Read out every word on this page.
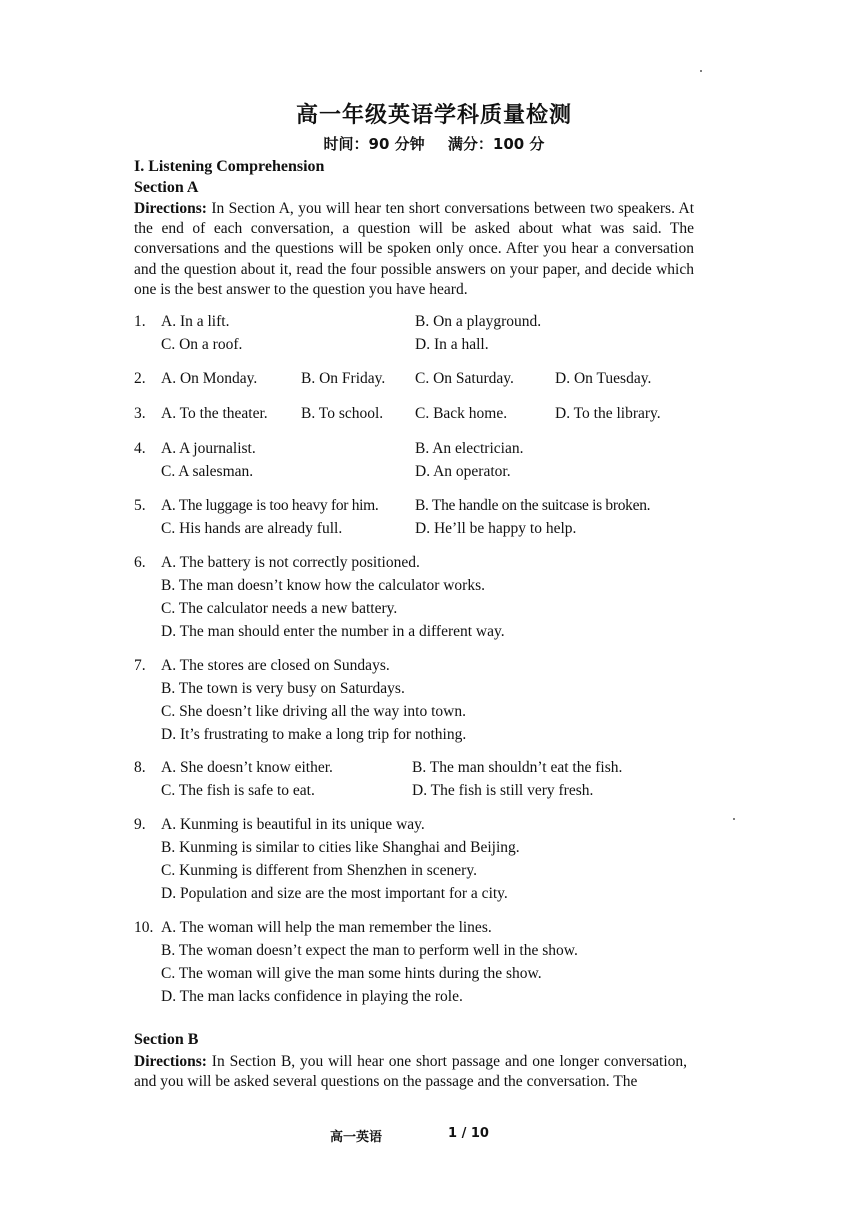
高一年级英语学科质量检测
时间：90 分钟 满分：100 分
I. Listening Comprehension
Section A
Directions: In Section A, you will hear ten short conversations between two speakers. At the end of each conversation, a question will be asked about what was said. The conversations and the questions will be spoken only once. After you hear a conversation and the question about it, read the four possible answers on your paper, and decide which one is the best answer to the question you have heard.
1. A. In a lift.	B. On a playground.
C. On a roof.	D. In a hall.
2. A. On Monday.	B. On Friday. C. On Saturday.	D. On Tuesday.
3. A. To the theater. B. To school. C. Back home.	D. To the library.
4. A. A journalist.	B. An electrician.
C. A salesman.	D. An operator.
5. A. The luggage is too heavy for him. B. The handle on the suitcase is broken.
C. His hands are already full.	D. He’ll be happy to help.
6. A. The battery is not correctly positioned.
B. The man doesn’t know how the calculator works.
C. The calculator needs a new battery.
D. The man should enter the number in a different way.
7. A. The stores are closed on Sundays.
B. The town is very busy on Saturdays.
C. She doesn’t like driving all the way into town.
D. It’s frustrating to make a long trip for nothing.
8. A. She doesn’t know either.	B. The man shouldn’t eat the fish.
C. The fish is safe to eat.	D. The fish is still very fresh.
9. A. Kunming is beautiful in its unique way.
B. Kunming is similar to cities like Shanghai and Beijing.
C. Kunming is different from Shenzhen in scenery.
D. Population and size are the most important for a city.
10. A. The woman will help the man remember the lines.
B. The woman doesn’t expect the man to perform well in the show.
C. The woman will give the man some hints during the show.
D. The man lacks confidence in playing the role.
Section B
Directions: In Section B, you will hear one short passage and one longer conversation, and you will be asked several questions on the passage and the conversation. The
高一英语	1 / 10
